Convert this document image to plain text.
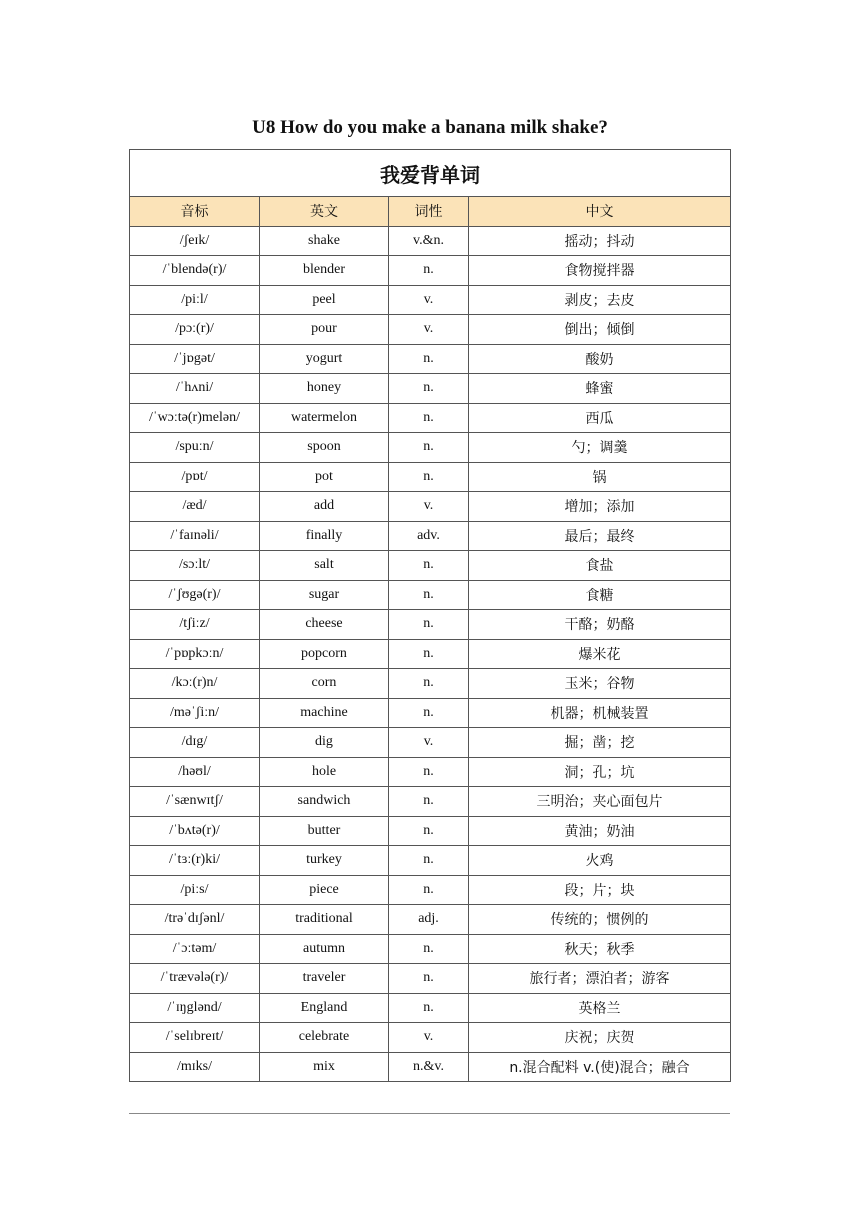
U8 How do you make a banana milk shake?
我爱背单词			
音标	英文	词性	中文
/ʃeɪk/	shake	v.&n.	摇动；抖动
/ˈblendə(r)/	blender	n.	食物搅拌器
/piːl/	peel	v.	剥皮；去皮
/pɔː(r)/	pour	v.	倒出；倾倒
/ˈjɒgət/	yogurt	n.	酸奶
/ˈhʌni/	honey	n.	蜂蜜
/ˈwɔːtə(r)melən/	watermelon	n.	西瓜
/spuːn/	spoon	n.	勺；调羹
/pɒt/	pot	n.	锅
/æd/	add	v.	增加；添加
/ˈfaɪnəli/	finally	adv.	最后；最终
/sɔːlt/	salt	n.	食盐
/ˈʃʊgə(r)/	sugar	n.	食糖
/tʃiːz/	cheese	n.	干酪；奶酪
/ˈpɒpkɔːn/	popcorn	n.	爆米花
/kɔː(r)n/	corn	n.	玉米；谷物
/məˈʃiːn/	machine	n.	机器；机械装置
/dɪg/	dig	v.	掘；凿；挖
/həʊl/	hole	n.	洞；孔；坑
/ˈsænwɪtʃ/	sandwich	n.	三明治；夹心面包片
/ˈbʌtə(r)/	butter	n.	黄油；奶油
/ˈtɜː(r)ki/	turkey	n.	火鸡
/piːs/	piece	n.	段；片；块
/trəˈdɪʃənl/	traditional	adj.	传统的；惯例的
/ˈɔːtəm/	autumn	n.	秋天；秋季
/ˈtrævələ(r)/	traveler	n.	旅行者；漂泊者；游客
/ˈɪŋglənd/	England	n.	英格兰
/ˈselɪbreɪt/	celebrate	v.	庆祝；庆贺
/mɪks/	mix	n.&v.	n.混合配料 v.(使)混合；融合
